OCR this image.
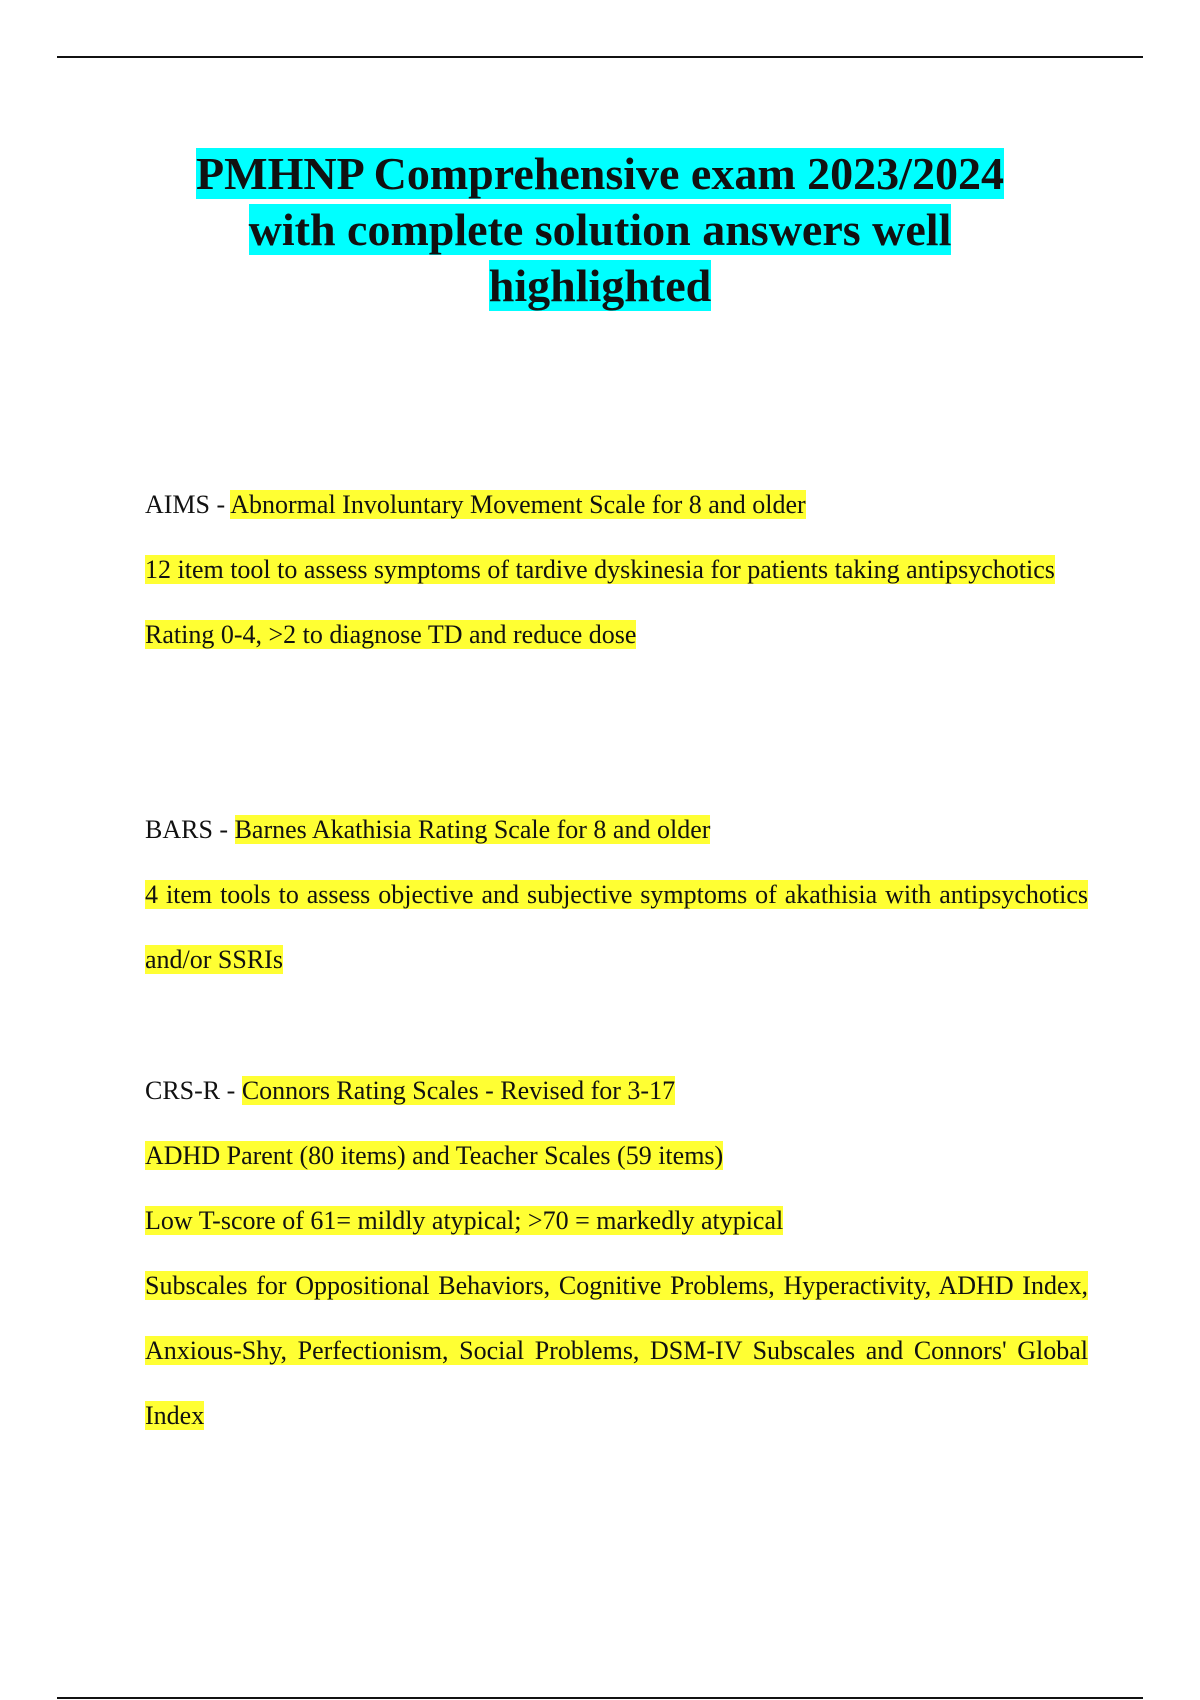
PMHNP Comprehensive exam 2023/2024
with complete solution answers well
highlighted

AIMS - Abnormal Involuntary Movement Scale for 8 and older

12 item tool to assess symptoms of tardive dyskinesia for patients taking antipsychotics

Rating 0-4, >2 to diagnose TD and reduce dose

BARS - Barnes Akathisia Rating Scale for 8 and older

4 item tools to assess objective and subjective symptoms of akathisia with antipsychotics and/or SSRIs

CRS-R - Connors Rating Scales - Revised for 3-17

ADHD Parent (80 items) and Teacher Scales (59 items)

Low T-score of 61= mildly atypical; >70 = markedly atypical

Subscales for Oppositional Behaviors, Cognitive Problems, Hyperactivity, ADHD Index, Anxious-Shy, Perfectionism, Social Problems, DSM-IV Subscales and Connors' Global Index
